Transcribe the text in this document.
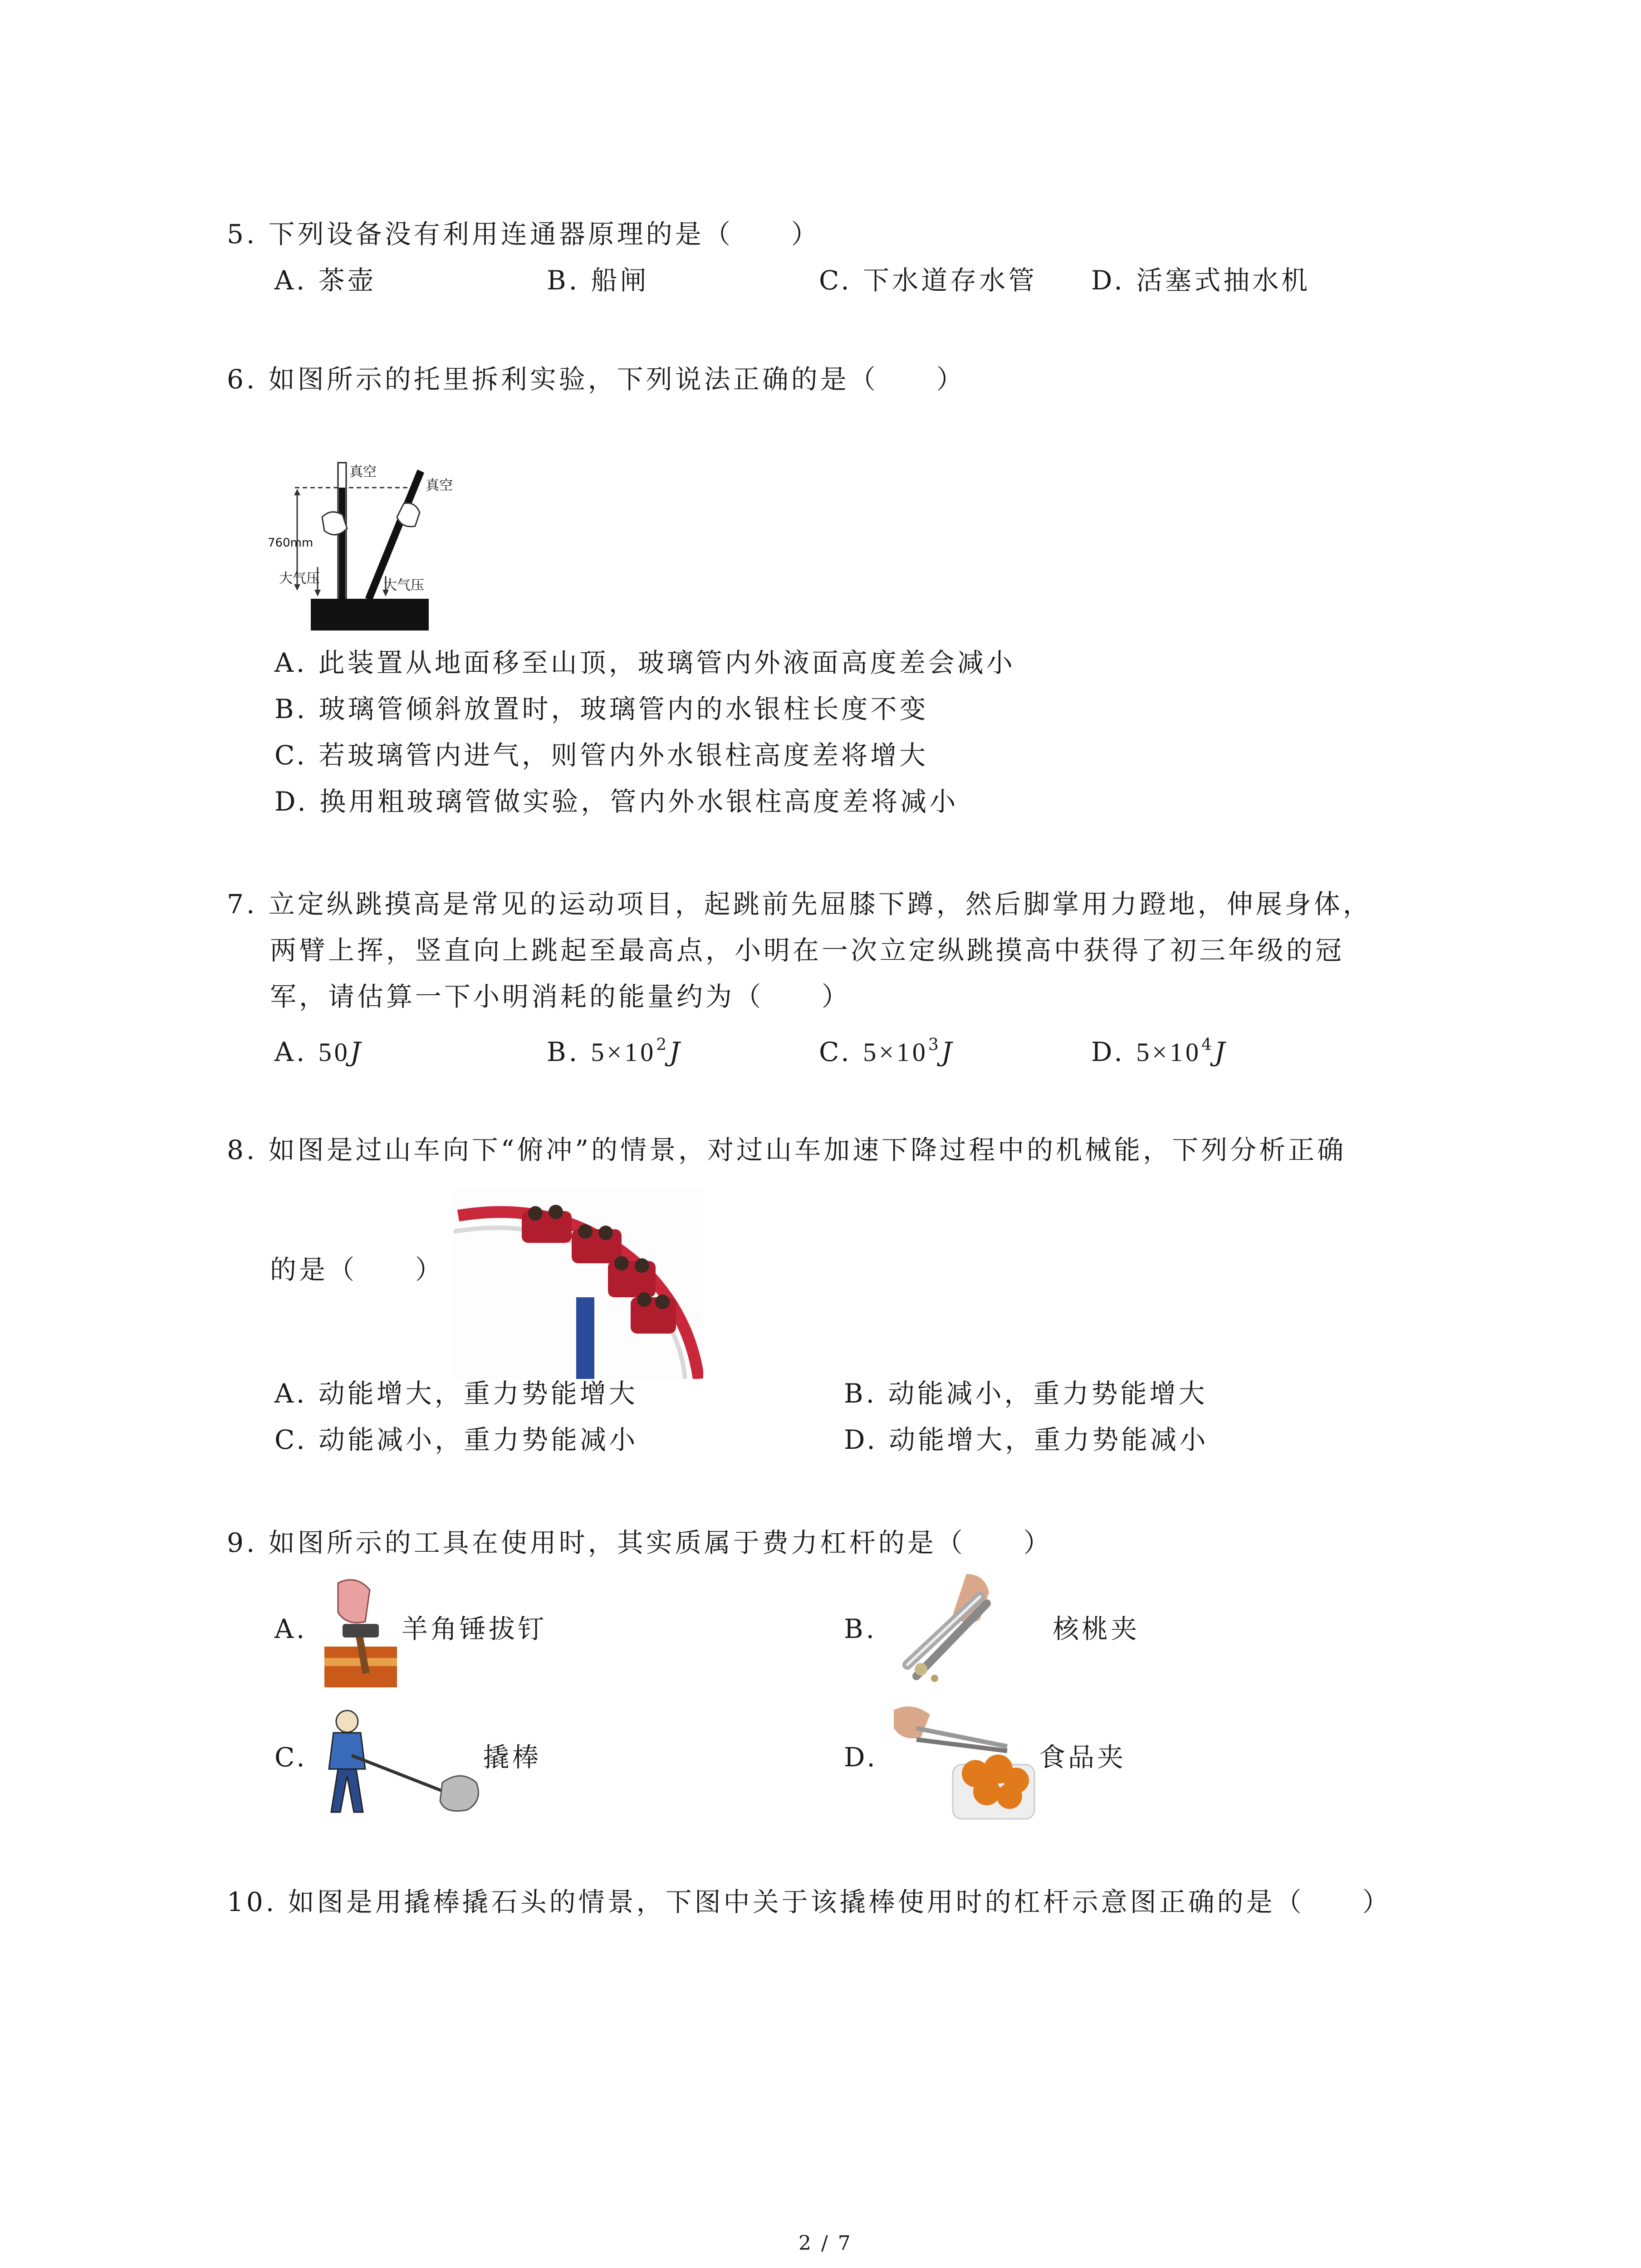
5. 下列设备没有利用连通器原理的是（　　）
A. 茶壶	B. 船闸	C. 下水道存水管 D. 活塞式抽水机
6. 如图所示的托里拆利实验，下列说法正确的是（　　）
真空
真空
760mm
大气压	大气压
A. 此装置从地面移至山顶，玻璃管内外液面高度差会减小
B. 玻璃管倾斜放置时，玻璃管内的水银柱长度不变
C. 若玻璃管内进气，则管内外水银柱高度差将增大
D. 换用粗玻璃管做实验，管内外水银柱高度差将减小
7. 立定纵跳摸高是常见的运动项目，起跳前先屈膝下蹲，然后脚掌用力蹬地，伸展身体，
两臂上挥，竖直向上跳起至最高点，小明在一次立定纵跳摸高中获得了初三年级的冠
军，请估算一下小明消耗的能量约为（　　）
A. 50J	B. $5\times 10^2J$	C. $5\times 10^3J$	D. $5\times 10^4J$
8. 如图是过山车向下“俯冲”的情景，对过山车加速下降过程中的机械能，下列分析正确
的是（　　）
A. 动能增大，重力势能增大	B. 动能减小，重力势能增大
C. 动能减小，重力势能减小	D. 动能增大，重力势能减小
9. 如图所示的工具在使用时，其实质属于费力杠杆的是（　　）
A.	羊角锤拔钉	B.	核桃夹
C.	撬棒	D.	食品夹
10. 如图是用撬棒撬石头的情景，下图中关于该撬棒使用时的杠杆示意图正确的是（　　）
2 / 7
